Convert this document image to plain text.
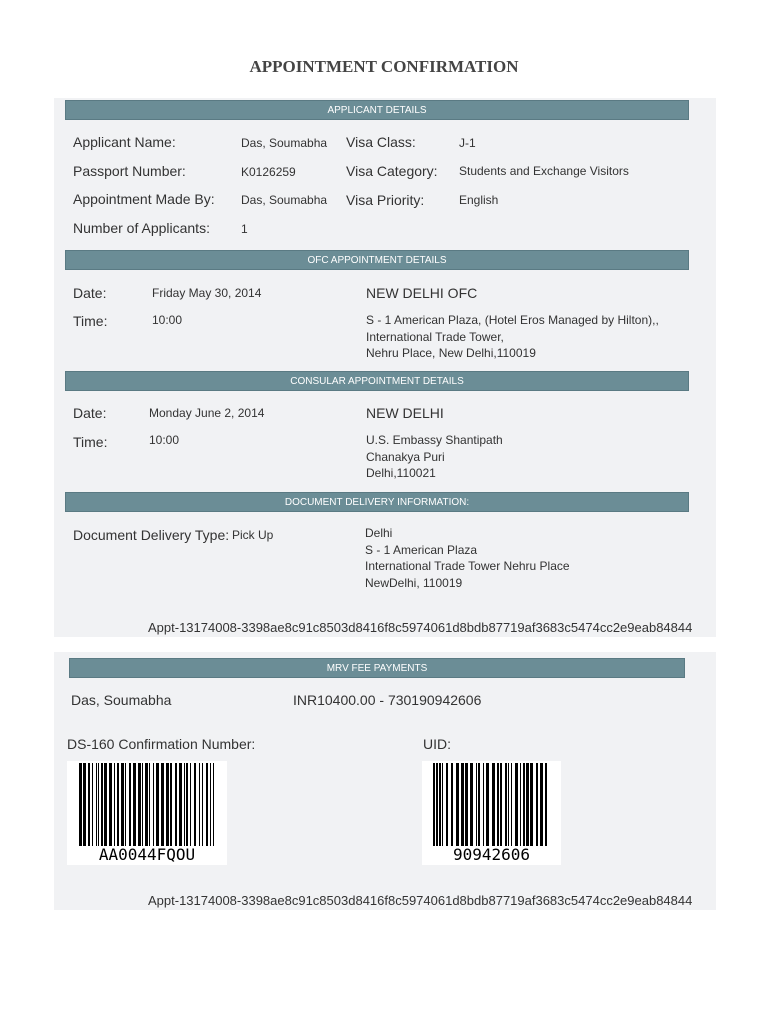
APPOINTMENT CONFIRMATION
APPLICANT DETAILS
Applicant Name:	Das, Soumabha
Passport Number:	K0126259
Appointment Made By: Das, Soumabha
Number of Applicants:	1
Visa Class:	J-1
Visa Category: Students and Exchange Visitors
Visa Priority:	English
OFC APPOINTMENT DETAILS
Date:	Friday May 30, 2014
Time:	10:00
NEW DELHI OFC
S - 1 American Plaza, (Hotel Eros Managed by Hilton),,
International Trade Tower,
Nehru Place, New Delhi,110019
CONSULAR APPOINTMENT DETAILS
Date:	Monday June 2, 2014
Time:	10:00
NEW DELHI
U.S. Embassy Shantipath
Chanakya Puri
Delhi,110021
DOCUMENT DELIVERY INFORMATION:
Document Delivery Type: Pick Up	Delhi
S - 1 American Plaza
International Trade Tower Nehru Place
NewDelhi, 110019
Appt-13174008-3398ae8c91c8503d8416f8c5974061d8bdb87719af3683c5474cc2e9eab84844
MRV FEE PAYMENTS
Das, Soumabha	INR10400.00 - 730190942606
DS-160 Confirmation Number:	UID:
AA0044FQOU	90942606
Appt-13174008-3398ae8c91c8503d8416f8c5974061d8bdb87719af3683c5474cc2e9eab84844
